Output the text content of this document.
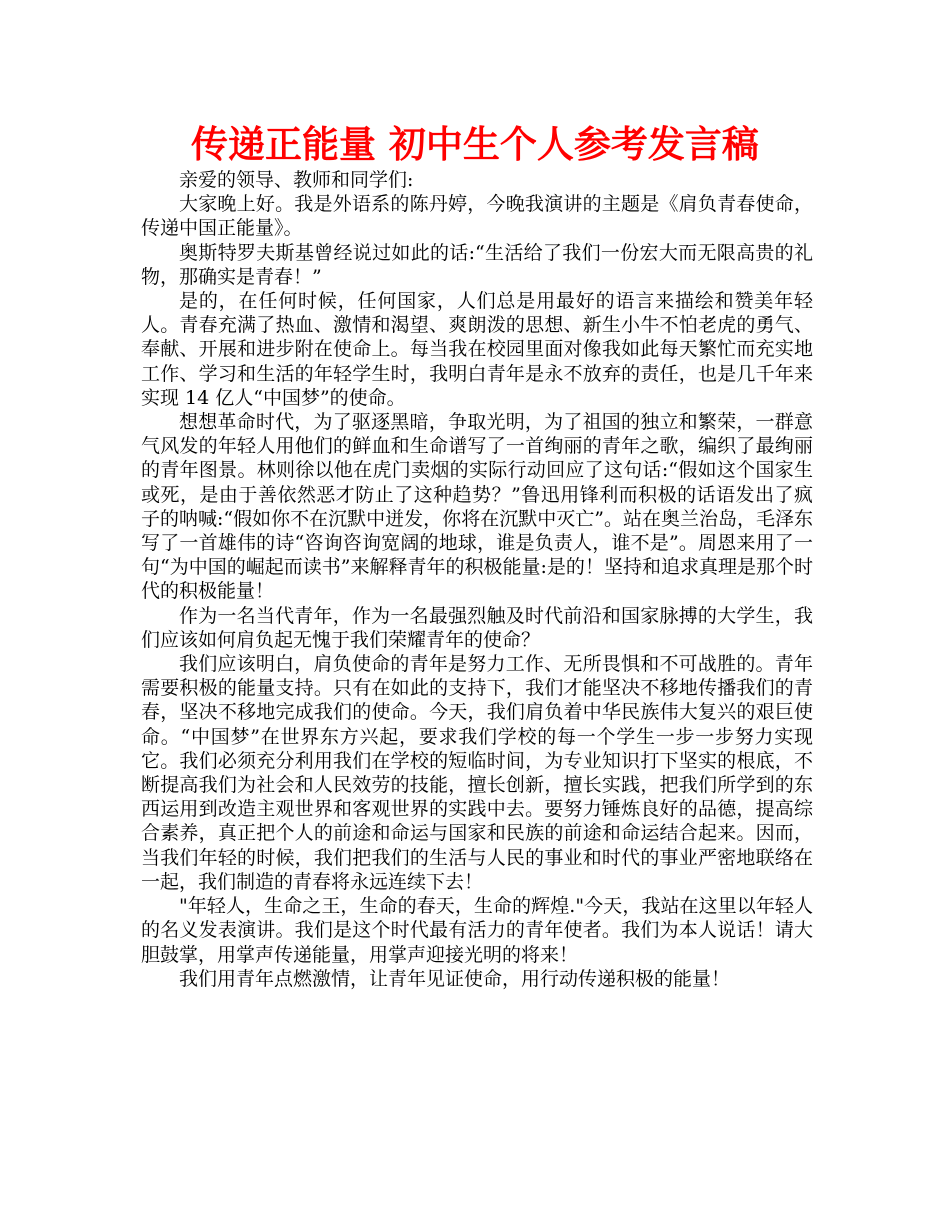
传递正能量 初中生个人参考发言稿

亲爱的领导、教师和同学们:

大家晚上好。我是外语系的陈丹婷，今晚我演讲的主题是《肩负青春使命，传递中国正能量》。

奥斯特罗夫斯基曾经说过如此的话:“生活给了我们一份宏大而无限高贵的礼物，那确实是青春！”

是的，在任何时候，任何国家，人们总是用最好的语言来描绘和赞美年轻人。青春充满了热血、激情和渴望、爽朗泼的思想、新生小牛不怕老虎的勇气、奉献、开展和进步附在使命上。每当我在校园里面对像我如此每天繁忙而充实地工作、学习和生活的年轻学生时，我明白青年是永不放弃的责任，也是几千年来实现 14 亿人“中国梦”的使命。

想想革命时代，为了驱逐黑暗，争取光明，为了祖国的独立和繁荣，一群意气风发的年轻人用他们的鲜血和生命谱写了一首绚丽的青年之歌，编织了最绚丽的青年图景。林则徐以他在虎门卖烟的实际行动回应了这句话:“假如这个国家生或死，是由于善依然恶才防止了这种趋势？”鲁迅用锋利而积极的话语发出了疯子的呐喊:“假如你不在沉默中迸发，你将在沉默中灭亡”。站在奥兰治岛，毛泽东写了一首雄伟的诗“咨询咨询宽阔的地球，谁是负责人，谁不是”。周恩来用了一句“为中国的崛起而读书”来解释青年的积极能量:是的！坚持和追求真理是那个时代的积极能量！

作为一名当代青年，作为一名最强烈触及时代前沿和国家脉搏的大学生，我们应该如何肩负起无愧于我们荣耀青年的使命？

我们应该明白，肩负使命的青年是努力工作、无所畏惧和不可战胜的。青年需要积极的能量支持。只有在如此的支持下，我们才能坚决不移地传播我们的青春，坚决不移地完成我们的使命。今天，我们肩负着中华民族伟大复兴的艰巨使命。“中国梦”在世界东方兴起，要求我们学校的每一个学生一步一步努力实现它。我们必须充分利用我们在学校的短临时间，为专业知识打下坚实的根底，不断提高我们为社会和人民效劳的技能，擅长创新，擅长实践，把我们所学到的东西运用到改造主观世界和客观世界的实践中去。要努力锤炼良好的品德，提高综合素养，真正把个人的前途和命运与国家和民族的前途和命运结合起来。因而，当我们年轻的时候，我们把我们的生活与人民的事业和时代的事业严密地联络在一起，我们制造的青春将永远连续下去！

"年轻人，生命之王，生命的春天，生命的辉煌."今天，我站在这里以年轻人的名义发表演讲。我们是这个时代最有活力的青年使者。我们为本人说话！请大胆鼓掌，用掌声传递能量，用掌声迎接光明的将来！

我们用青年点燃激情，让青年见证使命，用行动传递积极的能量！
